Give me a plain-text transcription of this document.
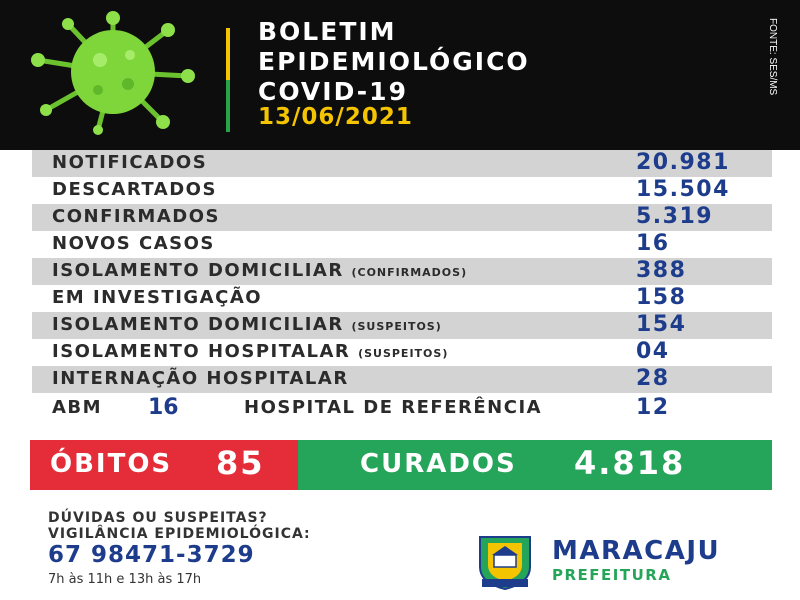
BOLETIM
EPIDEMIOLÓGICO
COVID-19
13/06/2021
FONTE: SES/MS
NOTIFICADOS	20.981
DESCARTADOS	15.504
CONFIRMADOS	5.319
NOVOS CASOS	16
ISOLAMENTO DOMICILIAR (CONFIRMADOS)	388
EM INVESTIGAÇÃO	158
ISOLAMENTO DOMICILIAR (SUSPEITOS)	154
ISOLAMENTO HOSPITALAR (SUSPEITOS)	04
INTERNAÇÃO HOSPITALAR	28
ABM 16	HOSPITAL DE REFERÊNCIA	12
ÓBITOS 85	CURADOS 4.818
DÚVIDAS OU SUSPEITAS?
VIGILÂNCIA EPIDEMIOLÓGICA:
67 98471-3729
7h às 11h e 13h às 17h
MARACAJU
PREFEITURA
